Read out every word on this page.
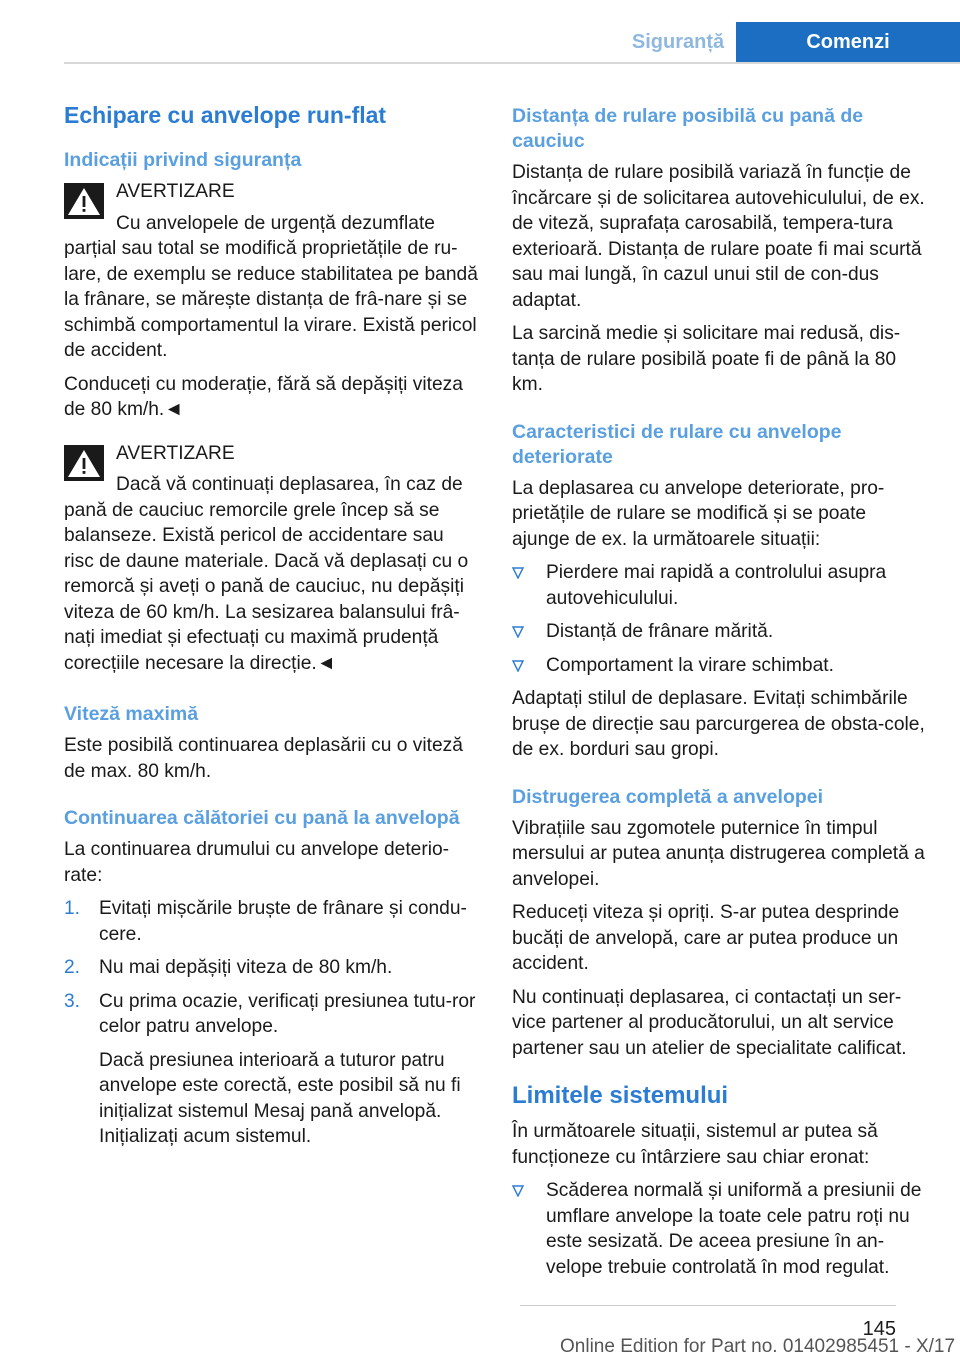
Siguranță	Comenzi
Echipare cu anvelope run-flat
Indicații privind siguranța
AVERTIZARE

Cu anvelopele de urgență dezumflate parțial sau total se modifică proprietățile de ru‐lare, de exemplu se reduce stabilitatea pe bandă la frânare, se mărește distanța de frâ‐nare și se schimbă comportamentul la virare. Există pericol de accident.

Conduceți cu moderație, fără să depășiți viteza de 80 km/h.◄

AVERTIZARE

Dacă vă continuați deplasarea, în caz de pană de cauciuc remorcile grele încep să se balanseze. Există pericol de accidentare sau risc de daune materiale. Dacă vă deplasați cu o remorcă și aveți o pană de cauciuc, nu depășiți viteza de 60 km/h. La sesizarea balansului frâ‐nați imediat și efectuați cu maximă prudență corecțiile necesare la direcție.◄

Viteză maximă

Este posibilă continuarea deplasării cu o viteză de max. 80 km/h.

Continuarea călătoriei cu pană la anvelopă

La continuarea drumului cu anvelope deterio‐rate:

1. Evitați mișcările bruște de frânare și condu‐cere.
2. Nu mai depășiți viteza de 80 km/h.
3. Cu prima ocazie, verificați presiunea tutu‐ror celor patru anvelope.
Dacă presiunea interioară a tuturor patru anvelope este corectă, este posibil să nu fi inițializat sistemul Mesaj pană anvelopă. Inițializați acum sistemul.
Distanța de rulare posibilă cu pană de cauciuc

Distanța de rulare posibilă variază în funcție de încărcare și de solicitarea autovehiculului, de ex. de viteză, suprafața carosabilă, tempera‐tura exterioară. Distanța de rulare poate fi mai scurtă sau mai lungă, în cazul unui stil de con‐dus adaptat.

La sarcină medie și solicitare mai redusă, dis‐tanța de rulare posibilă poate fi de până la 80 km.

Caracteristici de rulare cu anvelope deteriorate

La deplasarea cu anvelope deteriorate, pro‐prietățile de rulare se modifică și se poate ajunge de ex. la următoarele situații:

Pierdere mai rapidă a controlului asupra autovehiculului.
Distanță de frânare mărită.
Comportament la virare schimbat.

Adaptați stilul de deplasare. Evitați schimbările brușe de direcție sau parcurgerea de obsta‐cole, de ex. borduri sau gropi.

Distrugerea completă a anvelopei

Vibrațiile sau zgomotele puternice în timpul mersului ar putea anunța distrugerea completă a anvelopei.

Reduceți viteza și opriți. S-ar putea desprinde bucăți de anvelopă, care ar putea produce un accident.

Nu continuați deplasarea, ci contactați un ser‐vice partener al producătorului, un alt service partener sau un atelier de specialitate calificat.

Limitele sistemului

În următoarele situații, sistemul ar putea să funcționeze cu întârziere sau chiar eronat:

Scăderea normală și uniformă a presiunii de umflare anvelope la toate cele patru roți nu este sesizată. De aceea presiune în an‐velope trebuie controlată în mod regulat.
145
Online Edition for Part no. 01402985451 - X/17
